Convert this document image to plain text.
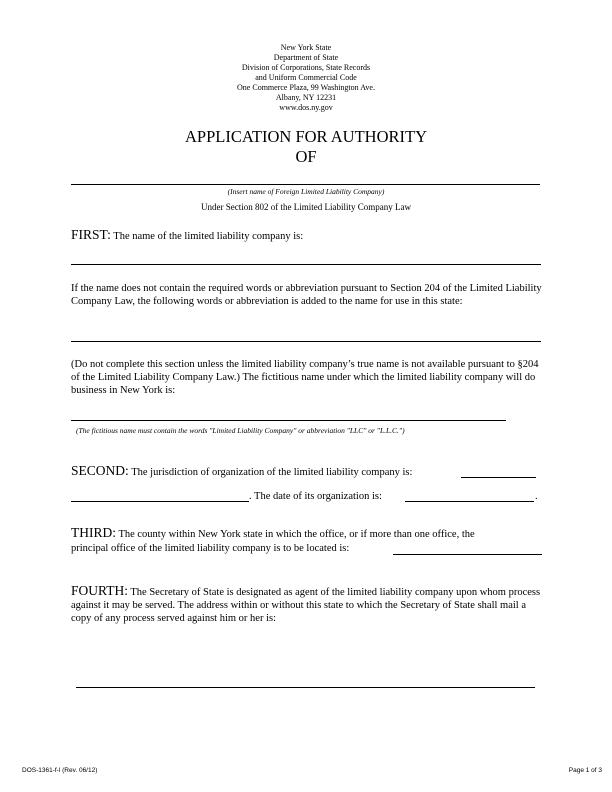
New York State
Department of State
Division of Corporations, State Records
and Uniform Commercial Code
One Commerce Plaza, 99 Washington Ave.
Albany, NY 12231
www.dos.ny.gov
APPLICATION FOR AUTHORITY
OF
(Insert name of Foreign Limited Liability Company)
Under Section 802 of the Limited Liability Company Law
FIRST: The name of the limited liability company is:
If the name does not contain the required words or abbreviation pursuant to Section 204 of the Limited Liability Company Law, the following words or abbreviation is added to the name for use in this state:
(Do not complete this section unless the limited liability company’s true name is not available pursuant to §204 of the Limited Liability Company Law.) The fictitious name under which the limited liability company will do business in New York is:
(The fictitious name must contain the words "Limited Liability Company" or abbreviation "LLC" or "L.L.C.")
SECOND: The jurisdiction of organization of the limited liability company is:
. The date of its organization is:	.
THIRD: The county within New York state in which the office, or if more than one office, the
principal office of the limited liability company is to be located is:
FOURTH: The Secretary of State is designated as agent of the limited liability company upon whom process against it may be served. The address within or without this state to which the Secretary of State shall mail a copy of any process served against him or her is:
DOS-1361-f-l (Rev. 06/12)	Page 1 of 3
